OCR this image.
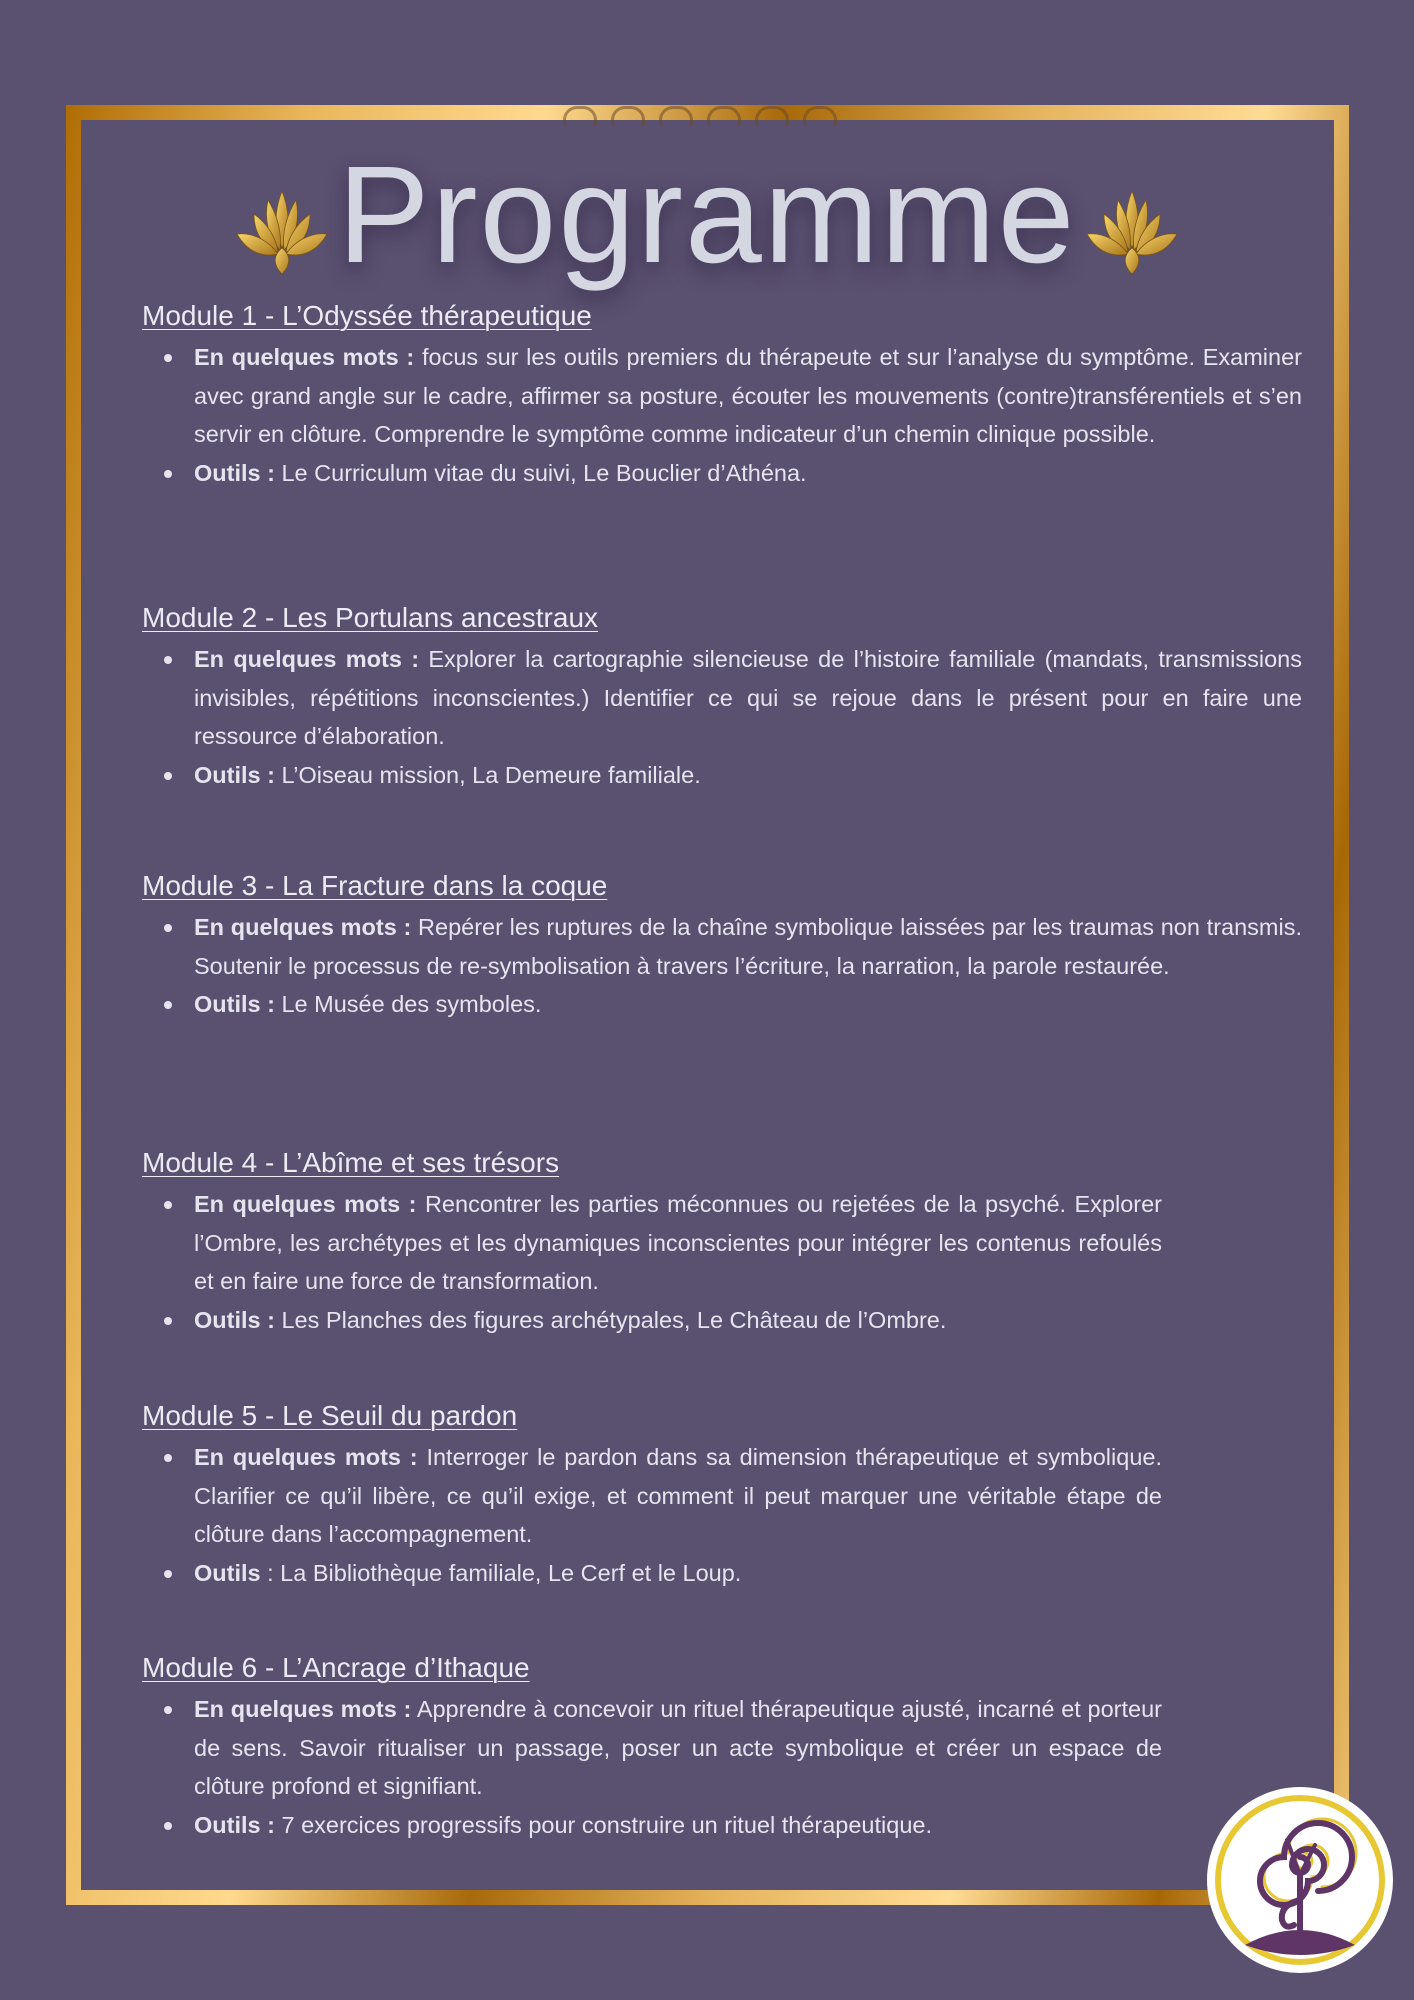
Programme
Module 1 - L’Odyssée thérapeutique
En quelques mots : focus sur les outils premiers du thérapeute et sur l’analyse du symptôme. Examiner avec grand angle sur le cadre, affirmer sa posture, écouter les mouvements (contre)transférentiels et s’en servir en clôture. Comprendre le symptôme comme indicateur d’un chemin clinique possible.
Outils : Le Curriculum vitae du suivi, Le Bouclier d’Athéna.
Module 2 - Les Portulans ancestraux
En quelques mots : Explorer la cartographie silencieuse de l’histoire familiale (mandats, transmissions invisibles, répétitions inconscientes.) Identifier ce qui se rejoue dans le présent pour en faire une ressource d’élaboration.
Outils : L’Oiseau mission, La Demeure familiale.
Module 3 - La Fracture dans la coque
En quelques mots : Repérer les ruptures de la chaîne symbolique laissées par les traumas non transmis. Soutenir le processus de re-symbolisation à travers l’écriture, la narration, la parole restaurée.
Outils : Le Musée des symboles.
Module 4 - L’Abîme et ses trésors
En quelques mots : Rencontrer les parties méconnues ou rejetées de la psyché. Explorer l’Ombre, les archétypes et les dynamiques inconscientes pour intégrer les contenus refoulés et en faire une force de transformation.
Outils : Les Planches des figures archétypales, Le Château de l’Ombre.
Module 5 - Le Seuil du pardon
En quelques mots : Interroger le pardon dans sa dimension thérapeutique et symbolique. Clarifier ce qu’il libère, ce qu’il exige, et comment il peut marquer une véritable étape de clôture dans l’accompagnement.
Outils : La Bibliothèque familiale, Le Cerf et le Loup.
Module 6 - L’Ancrage d’Ithaque
En quelques mots : Apprendre à concevoir un rituel thérapeutique ajusté, incarné et porteur de sens. Savoir ritualiser un passage, poser un acte symbolique et créer un espace de clôture profond et signifiant.
Outils : 7 exercices progressifs pour construire un rituel thérapeutique.
